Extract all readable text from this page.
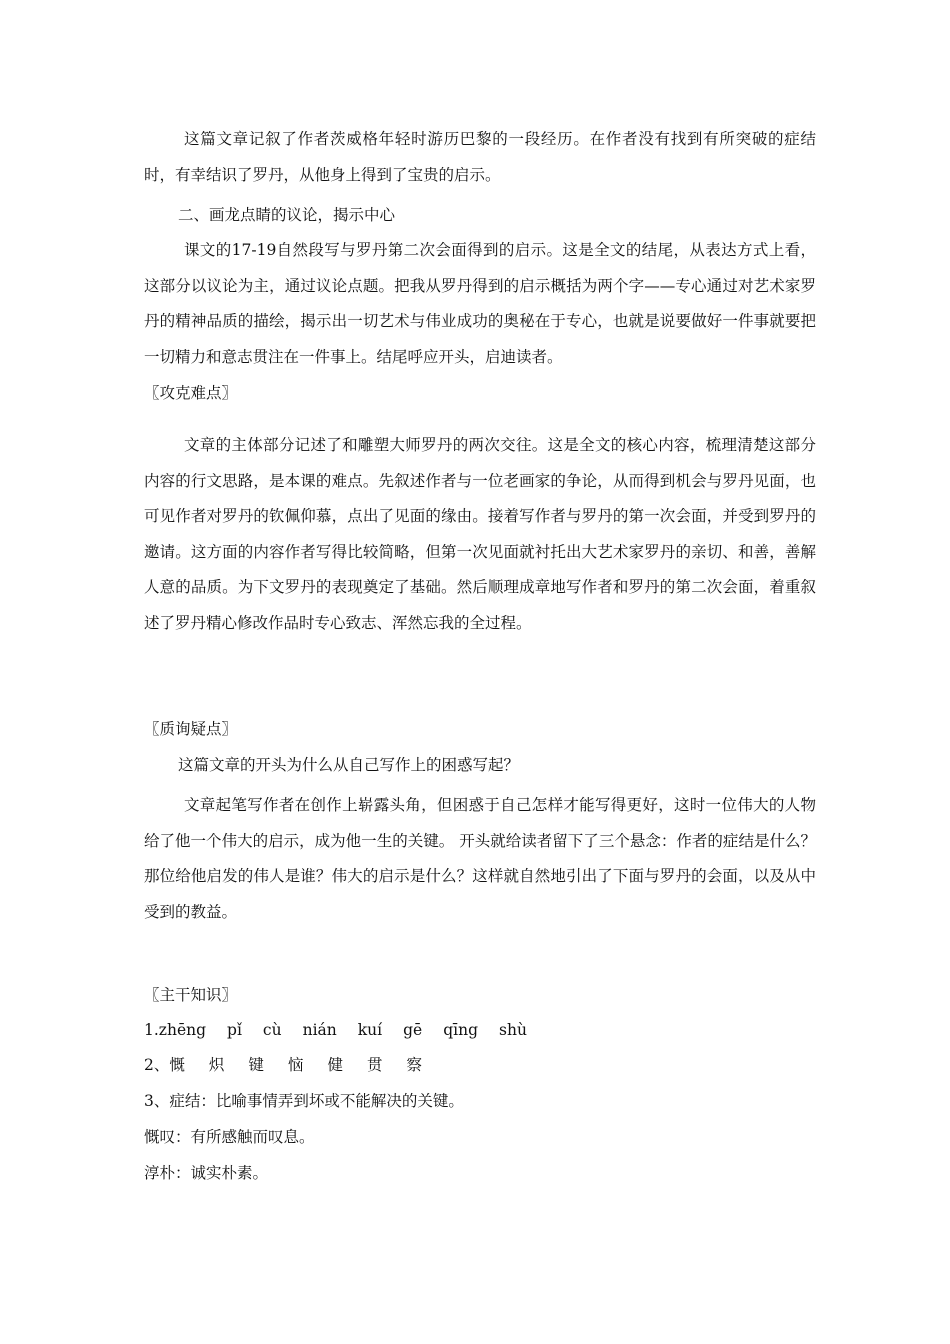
这篇文章记叙了作者茨威格年轻时游历巴黎的一段经历。在作者没有找到有所突破的症结时，有幸结识了罗丹，从他身上得到了宝贵的启示。

二、画龙点睛的议论，揭示中心

课文的17-19自然段写与罗丹第二次会面得到的启示。这是全文的结尾，从表达方式上看，这部分以议论为主，通过议论点题。把我从罗丹得到的启示概括为两个字——专心通过对艺术家罗丹的精神品质的描绘，揭示出一切艺术与伟业成功的奥秘在于专心，也就是说要做好一件事就要把一切精力和意志贯注在一件事上。结尾呼应开头，启迪读者。

〖攻克难点〗

文章的主体部分记述了和雕塑大师罗丹的两次交往。这是全文的核心内容，梳理清楚这部分内容的行文思路，是本课的难点。先叙述作者与一位老画家的争论，从而得到机会与罗丹见面，也可见作者对罗丹的钦佩仰慕，点出了见面的缘由。接着写作者与罗丹的第一次会面，并受到罗丹的邀请。这方面的内容作者写得比较简略，但第一次见面就衬托出大艺术家罗丹的亲切、和善，善解人意的品质。为下文罗丹的表现奠定了基础。然后顺理成章地写作者和罗丹的第二次会面，着重叙述了罗丹精心修改作品时专心致志、浑然忘我的全过程。

〖质询疑点〗

这篇文章的开头为什么从自己写作上的困惑写起？

文章起笔写作者在创作上崭露头角，但困惑于自己怎样才能写得更好，这时一位伟大的人物给了他一个伟大的启示，成为他一生的关键。 开头就给读者留下了三个悬念：作者的症结是什么？那位给他启发的伟人是谁？伟大的启示是什么？这样就自然地引出了下面与罗丹的会面，以及从中受到的教益。

〖主干知识〗

1.zhēng pǐ cù nián kuí gē qīng shù
2、慨 炽 键 恼 健 贯 察
3、症结：比喻事情弄到坏或不能解决的关键。
慨叹：有所感触而叹息。
淳朴：诚实朴素。
